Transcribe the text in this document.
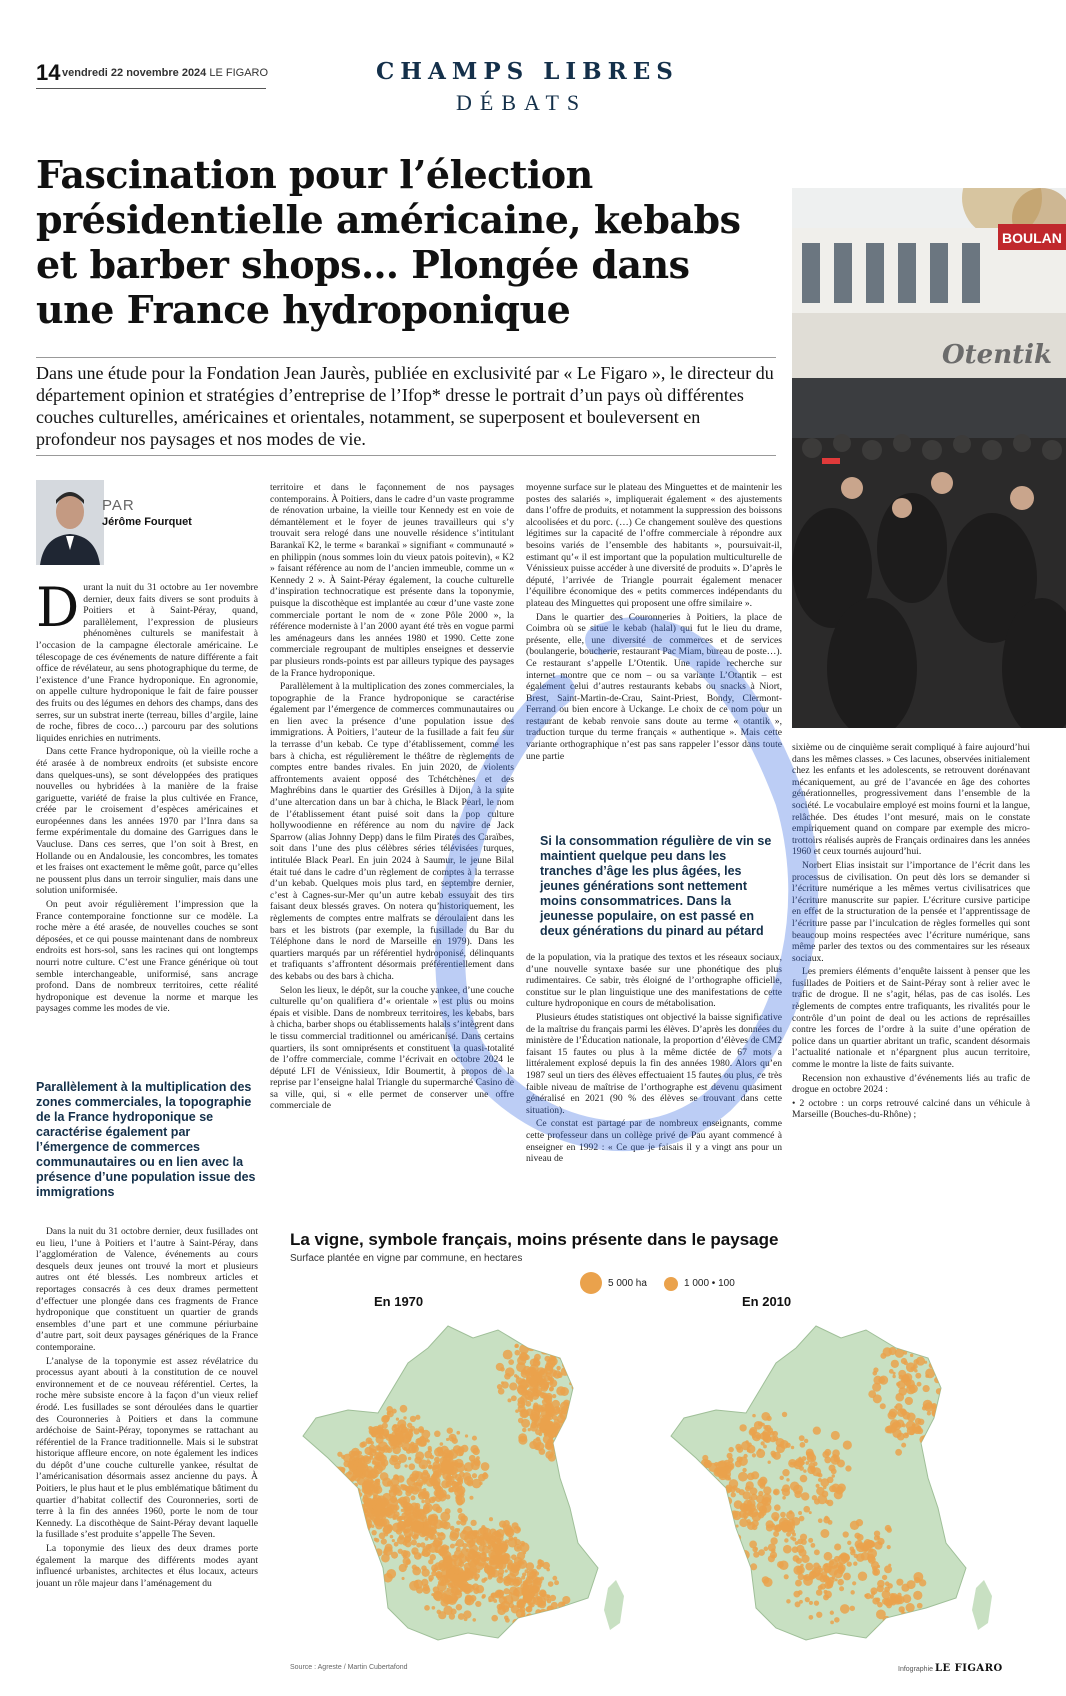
14 vendredi 22 novembre 2024 LE FIGARO	CHAMPS LIBRES
DÉBATS
Fascination pour l’élection présidentielle américaine, kebabs et barber shops… Plongée dans une France hydroponique
Dans une étude pour la Fondation Jean Jaurès, publiée en exclusivité par « Le Figaro », le directeur du département opinion et stratégies d’entreprise de l’Ifop* dresse le portrait d’un pays où différentes couches culturelles, américaines et orientales, notamment, se superposent et bouleversent en profondeur nos paysages et nos modes de vie.
BOULAN
Otentik
PAR
Jérôme Fourquet

Durant la nuit du 31 octobre au 1er novembre dernier, deux faits divers se sont produits à Poitiers et à Saint-Péray, quand, parallèlement, l’expression de plusieurs phénomènes culturels se manifestait à l’occasion de la campagne électorale américaine. Le télescopage de ces événements de nature différente a fait office de révélateur, au sens photographique du terme, de l’existence d’une France hydroponique. En agronomie, on appelle culture hydroponique le fait de faire pousser des fruits ou des légumes en dehors des champs, dans des serres, sur un substrat inerte (terreau, billes d’argile, laine de roche, fibres de coco…) parcouru par des solutions liquides enrichies en nutriments.

Dans cette France hydroponique, où la vieille roche a été arasée à de nombreux endroits (et subsiste encore dans quelques-uns), se sont développées des pratiques nouvelles ou hybridées à la manière de la fraise gariguette, variété de fraise la plus cultivée en France, créée par le croisement d’espèces américaines et européennes dans les années 1970 par l’Inra dans sa ferme expérimentale du domaine des Garrigues dans le Vaucluse. Dans ces serres, que l’on soit à Brest, en Hollande ou en Andalousie, les concombres, les tomates et les fraises ont exactement le même goût, parce qu’elles ne poussent plus dans un terroir singulier, mais dans une solution uniformisée.

On peut avoir régulièrement l’impression que la France contemporaine fonctionne sur ce modèle. La roche mère a été arasée, de nouvelles couches se sont déposées, et ce qui pousse maintenant dans de nombreux endroits est hors-sol, sans les racines qui ont longtemps nourri notre culture. C’est une France générique où tout semble interchangeable, uniformisé, sans ancrage profond. Dans de nombreux territoires, cette réalité hydroponique est devenue la norme et marque les paysages comme les modes de vie.

Parallèlement à la multiplication des zones commerciales, la topographie de la France hydroponique se caractérise également par l’émergence de commerces communautaires ou en lien avec la présence d’une population issue des immigrations

Dans la nuit du 31 octobre dernier, deux fusillades ont eu lieu, l’une à Poitiers et l’autre à Saint-Péray, dans l’agglomération de Valence, événements au cours desquels deux jeunes ont trouvé la mort et plusieurs autres ont été blessés. Les nombreux articles et reportages consacrés à ces deux drames permettent d’effectuer une plongée dans ces fragments de France hydroponique que constituent un quartier de grands ensembles d’une part et une commune périurbaine d’autre part, soit deux paysages génériques de la France contemporaine.

L’analyse de la toponymie est assez révélatrice du processus ayant abouti à la constitution de ce nouvel environnement et de ce nouveau référentiel. Certes, la roche mère subsiste encore à la façon d’un vieux relief érodé. Les fusillades se sont déroulées dans le quartier des Couronneries à Poitiers et dans la commune ardéchoise de Saint-Péray, toponymes se rattachant au référentiel de la France traditionnelle. Mais si le substrat historique affleure encore, on note également les indices du dépôt d’une couche culturelle yankee, résultat de l’américanisation désormais assez ancienne du pays. À Poitiers, le plus haut et le plus emblématique bâtiment du quartier d’habitat collectif des Couronneries, sorti de terre à la fin des années 1960, porte le nom de tour Kennedy. La discothèque de Saint-Péray devant laquelle la fusillade s’est produite s’appelle The Seven.

La toponymie des lieux des deux drames porte également la marque des différents modes ayant influencé urbanistes, architectes et élus locaux, acteurs jouant un rôle majeur dans l’aménagement du

territoire et dans le façonnement de nos paysages contemporains. À Poitiers, dans le cadre d’un vaste programme de rénovation urbaine, la vieille tour Kennedy est en voie de démantèlement et le foyer de jeunes travailleurs qui s’y trouvait sera relogé dans une nouvelle résidence s’intitulant Barankaï K2, le terme « barankaï » signifiant « communauté » en philippin (nous sommes loin du vieux patois poitevin), « K2 » faisant référence au nom de l’ancien immeuble, comme un « Kennedy 2 ». À Saint-Péray également, la couche culturelle d’inspiration technocratique est présente dans la toponymie, puisque la discothèque est implantée au cœur d’une vaste zone commerciale portant le nom de « zone Pôle 2000 », la référence moderniste à l’an 2000 ayant été très en vogue parmi les aménageurs dans les années 1980 et 1990. Cette zone commerciale regroupant de multiples enseignes et desservie par plusieurs ronds-points est par ailleurs typique des paysages de la France hydroponique.

Parallèlement à la multiplication des zones commerciales, la topographie de la France hydroponique se caractérise également par l’émergence de commerces communautaires ou en lien avec la présence d’une population issue des immigrations. À Poitiers, l’auteur de la fusillade a fait feu sur la terrasse d’un kebab. Ce type d’établissement, comme les bars à chicha, est régulièrement le théâtre de règlements de comptes entre bandes rivales. En juin 2020, de violents affrontements avaient opposé des Tchétchènes et des Maghrébins dans le quartier des Grésilles à Dijon, à la suite d’une altercation dans un bar à chicha, le Black Pearl, le nom de l’établissement étant puisé soit dans la pop culture hollywoodienne en référence au nom du navire de Jack Sparrow (alias Johnny Depp) dans le film Pirates des Caraïbes, soit dans l’une des plus célèbres séries télévisées turques, intitulée Black Pearl. En juin 2024 à Saumur, le jeune Bilal était tué dans le cadre d’un règlement de comptes à la terrasse d’un kebab. Quelques mois plus tard, en septembre dernier, c’est à Cagnes-sur-Mer qu’un autre kebab essuyait des tirs faisant deux blessés graves. On notera qu’historiquement, les règlements de comptes entre malfrats se déroulaient dans les bars et les bistrots (par exemple, la fusillade du Bar du Téléphone dans le nord de Marseille en 1979). Dans les quartiers marqués par un référentiel hydroponisé, délinquants et trafiquants s’affrontent désormais préférentiellement dans des kebabs ou des bars à chicha.

Selon les lieux, le dépôt, sur la couche yankee, d’une couche culturelle qu’on qualifiera d’« orientale » est plus ou moins épais et visible. Dans de nombreux territoires, les kebabs, bars à chicha, barber shops ou établissements halals s’intègrent dans le tissu commercial traditionnel ou américanisé. Dans certains quartiers, ils sont omniprésents et constituent la quasi-totalité de l’offre commerciale, comme l’écrivait en octobre 2024 le député LFI de Vénissieux, Idir Boumertit, à propos de la reprise par l’enseigne halal Triangle du supermarché Casino de sa ville, qui, si « elle permet de conserver une offre commerciale de

moyenne surface sur le plateau des Minguettes et de maintenir les postes des salariés », impliquerait également « des ajustements dans l’offre de produits, et notamment la suppression des boissons alcoolisées et du porc. (…) Ce changement soulève des questions légitimes sur la capacité de l’offre commerciale à répondre aux besoins variés de l’ensemble des habitants », poursuivait-il, estimant qu’« il est important que la population multiculturelle de Vénissieux puisse accéder à une diversité de produits ». D’après le député, l’arrivée de Triangle pourrait également menacer l’équilibre économique des « petits commerces indépendants du plateau des Minguettes qui proposent une offre similaire ».

Dans le quartier des Couronneries à Poitiers, la place de Coimbra où se situe le kebab (halal) qui fut le lieu du drame, présente, elle, une diversité de commerces et de services (boulangerie, boucherie, restaurant Pac Miam, bureau de poste…). Ce restaurant s’appelle L’Otentik. Une rapide recherche sur internet montre que ce nom – ou sa variante L’Otantik – est également celui d’autres restaurants kebabs ou snacks à Niort, Brest, Saint-Martin-de-Crau, Saint-Priest, Bondy, Clermont-Ferrand ou bien encore à Uckange. Le choix de ce nom pour un restaurant de kebab renvoie sans doute au terme « otantik », traduction turque du terme français « authentique ». Mais cette variante orthographique n’est pas sans rappeler l’essor dans toute une partie

Si la consommation régulière de vin se maintient quelque peu dans les tranches d’âge les plus âgées, les jeunes générations sont nettement moins consommatrices. Dans la jeunesse populaire, on est passé en deux générations du pinard au pétard

de la population, via la pratique des textos et les réseaux sociaux, d’une nouvelle syntaxe basée sur une phonétique des plus rudimentaires. Ce sabir, très éloigné de l’orthographe officielle, constitue sur le plan linguistique une des manifestations de cette culture hydroponique en cours de métabolisation.

Plusieurs études statistiques ont objectivé la baisse significative de la maîtrise du français parmi les élèves. D’après les données du ministère de l’Éducation nationale, la proportion d’élèves de CM2 faisant 15 fautes ou plus à la même dictée de 67 mots a littéralement explosé depuis la fin des années 1980. Alors qu’en 1987 seul un tiers des élèves effectuaient 15 fautes ou plus, ce très faible niveau de maîtrise de l’orthographe est devenu quasiment généralisé en 2021 (90 % des élèves se trouvant dans cette situation).

Ce constat est partagé par de nombreux enseignants, comme cette professeur dans un collège privé de Pau ayant commencé à enseigner en 1992 : « Ce que je faisais il y a vingt ans pour un niveau de

sixième ou de cinquième serait compliqué à faire aujourd’hui dans les mêmes classes. » Ces lacunes, observées initialement chez les enfants et les adolescents, se retrouvent dorénavant mécaniquement, au gré de l’avancée en âge des cohortes générationnelles, progressivement dans l’ensemble de la société. Le vocabulaire employé est moins fourni et la langue, relâchée. Des études l’ont mesuré, mais on le constate empiriquement quand on compare par exemple des micro-trottoirs réalisés auprès de Français ordinaires dans les années 1960 et ceux tournés aujourd’hui.

Norbert Elias insistait sur l’importance de l’écrit dans les processus de civilisation. On peut dès lors se demander si l’écriture numérique a les mêmes vertus civilisatrices que l’écriture manuscrite sur papier. L’écriture cursive participe en effet de la structuration de la pensée et l’apprentissage de l’écriture passe par l’inculcation de règles formelles qui sont beaucoup moins respectées avec l’écriture numérique, sans même parler des textos ou des commentaires sur les réseaux sociaux.

Les premiers éléments d’enquête laissent à penser que les fusillades de Poitiers et de Saint-Péray sont à relier avec le trafic de drogue. Il ne s’agit, hélas, pas de cas isolés. Les règlements de comptes entre trafiquants, les rivalités pour le contrôle d’un point de deal ou les actions de représailles contre les forces de l’ordre à la suite d’une opération de police dans un quartier abritant un trafic, scandent désormais l’actualité nationale et n’épargnent plus aucun territoire, comme le montre la liste de faits suivante.

Recension non exhaustive d’événements liés au trafic de drogue en octobre 2024 :

• 2 octobre : un corps retrouvé calciné dans un véhicule à Marseille (Bouches-du-Rhône) ;

La vigne, symbole français, moins présente dans le paysage
Surface plantée en vigne par commune, en hectares
5 000 ha	1 000 • 100
En 1970	En 2010
Source : Agreste / Martin Cubertafond	Infographie LE FIGARO
